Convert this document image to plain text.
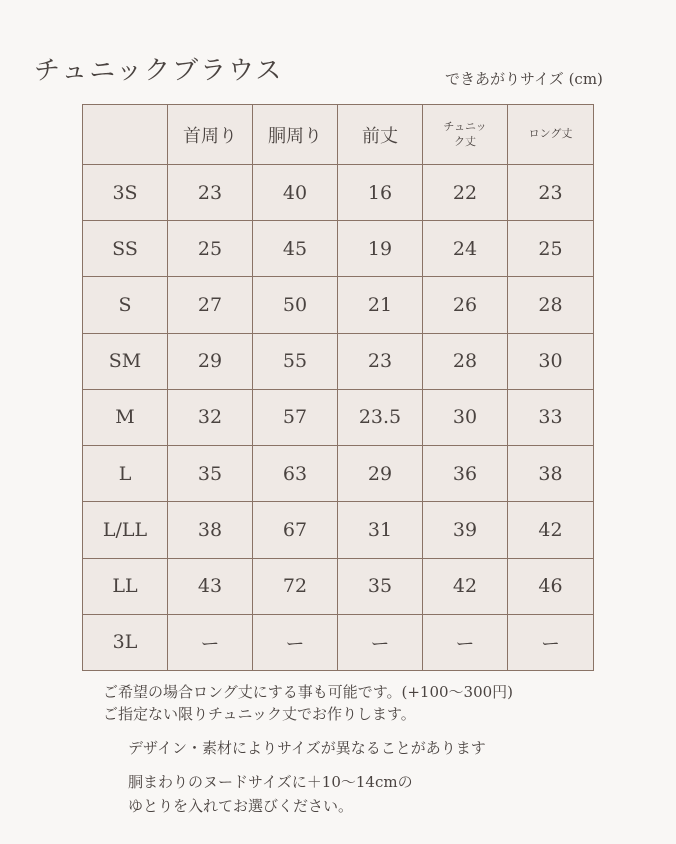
チュニックブラウス	できあがりサイズ (cm)
	首周り	胴周り	前丈	チュニック丈	ロング丈
3S	23	40	16	22	23
SS	25	45	19	24	25
S	27	50	21	26	28
SM	29	55	23	28	30
M	32	57	23.5	30	33
L	35	63	29	36	38
L/LL	38	67	31	39	42
LL	43	72	35	42	46
3L	ー	ー	ー	ー	ー
ご希望の場合ロング丈にする事も可能です。(+100〜300円)
ご指定ない限りチュニック丈でお作りします。
デザイン・素材によりサイズが異なることがあります
胴まわりのヌードサイズに＋10〜14cmの
ゆとりを入れてお選びください。
